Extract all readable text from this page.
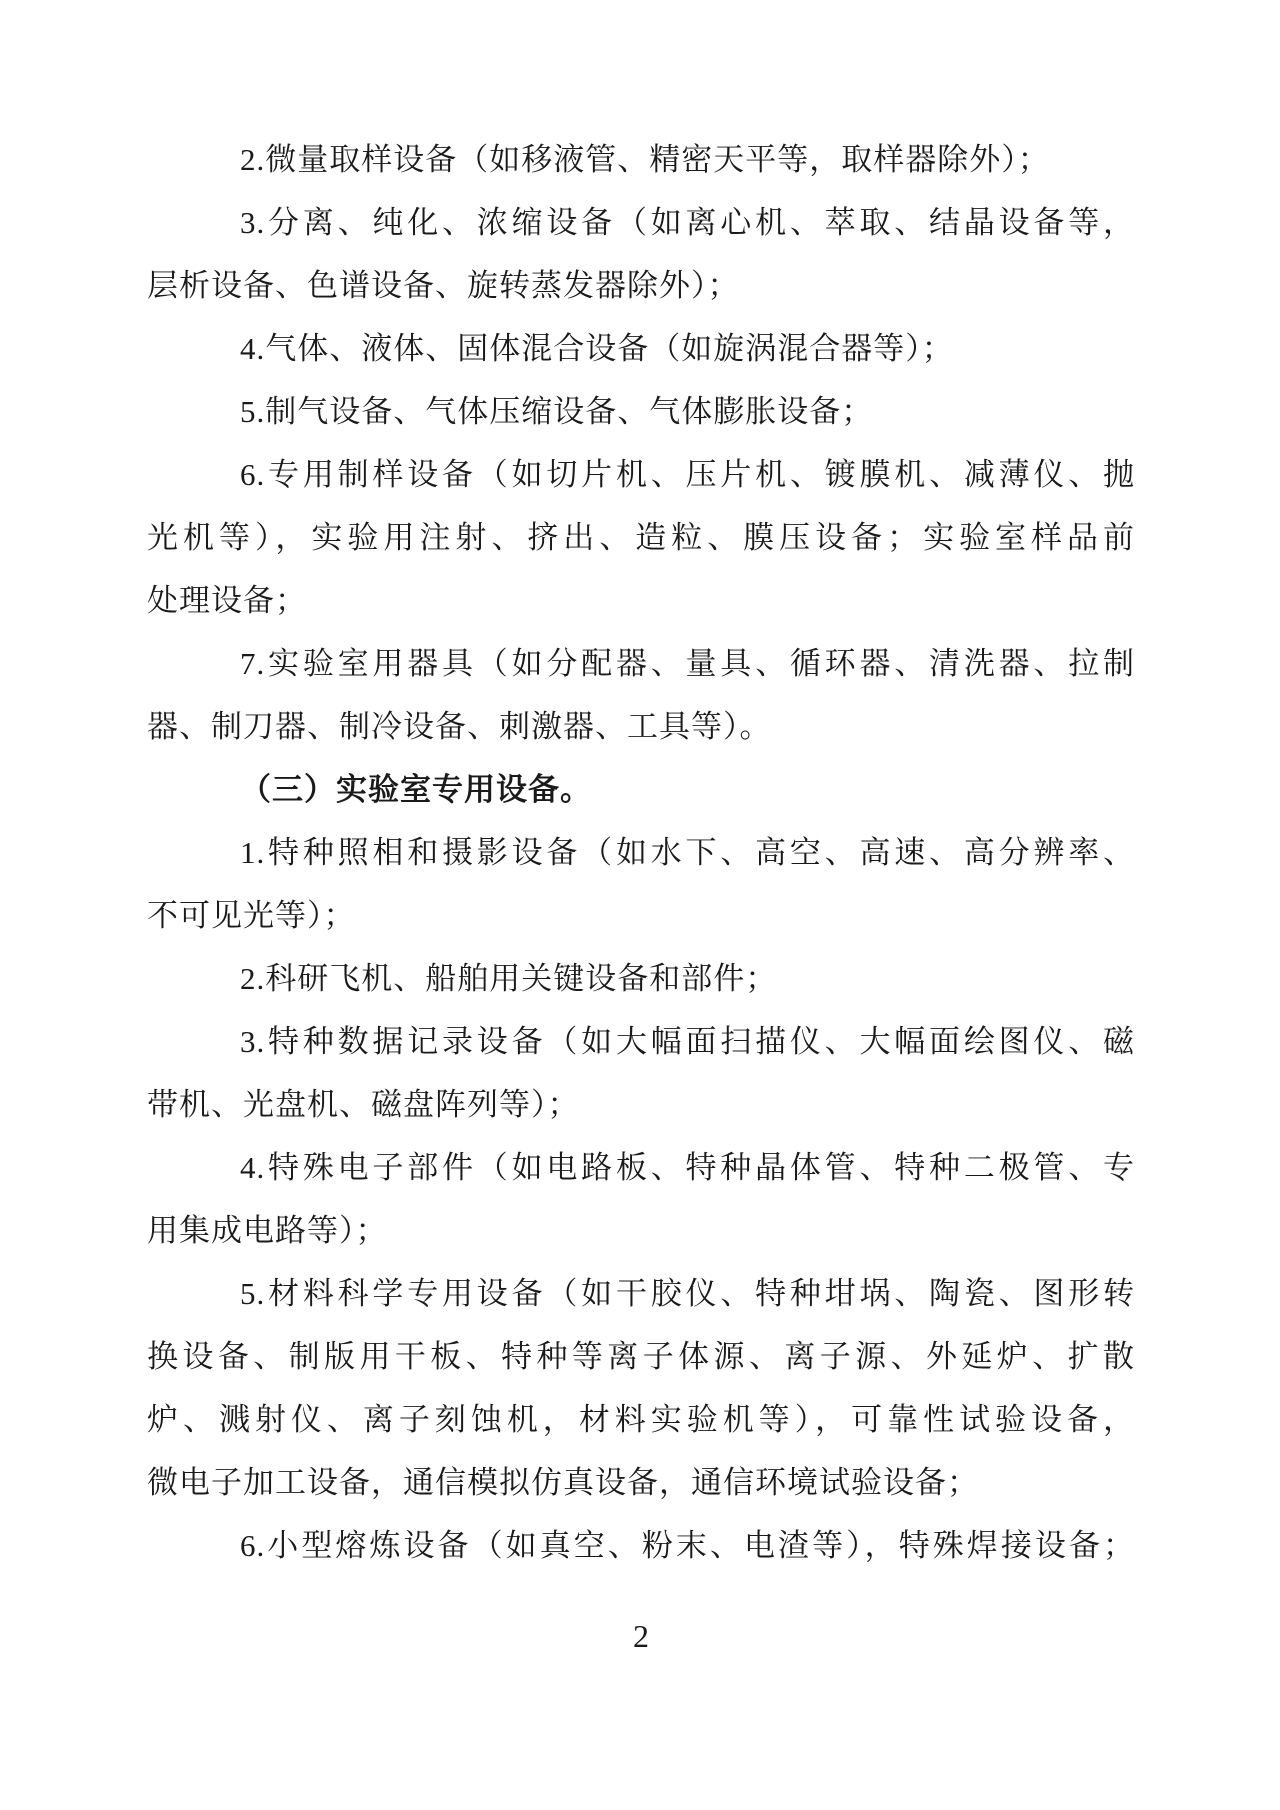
2.微量取样设备（如移液管、精密天平等，取样器除外）；
3.分离、纯化、浓缩设备（如离心机、萃取、结晶设备等，
层析设备、色谱设备、旋转蒸发器除外）；
4.气体、液体、固体混合设备（如旋涡混合器等）；
5.制气设备、气体压缩设备、气体膨胀设备；
6.专用制样设备（如切片机、压片机、镀膜机、减薄仪、抛
光机等），实验用注射、挤出、造粒、膜压设备；实验室样品前
处理设备；
7.实验室用器具（如分配器、量具、循环器、清洗器、拉制
器、制刀器、制冷设备、刺激器、工具等）。
（三）实验室专用设备。
1.特种照相和摄影设备（如水下、高空、高速、高分辨率、
不可见光等）；
2.科研飞机、船舶用关键设备和部件；
3.特种数据记录设备（如大幅面扫描仪、大幅面绘图仪、磁
带机、光盘机、磁盘阵列等）；
4.特殊电子部件（如电路板、特种晶体管、特种二极管、专
用集成电路等）；
5.材料科学专用设备（如干胶仪、特种坩埚、陶瓷、图形转
换设备、制版用干板、特种等离子体源、离子源、外延炉、扩散
炉、溅射仪、离子刻蚀机，材料实验机等），可靠性试验设备，
微电子加工设备，通信模拟仿真设备，通信环境试验设备；
6.小型熔炼设备（如真空、粉末、电渣等），特殊焊接设备；
2
